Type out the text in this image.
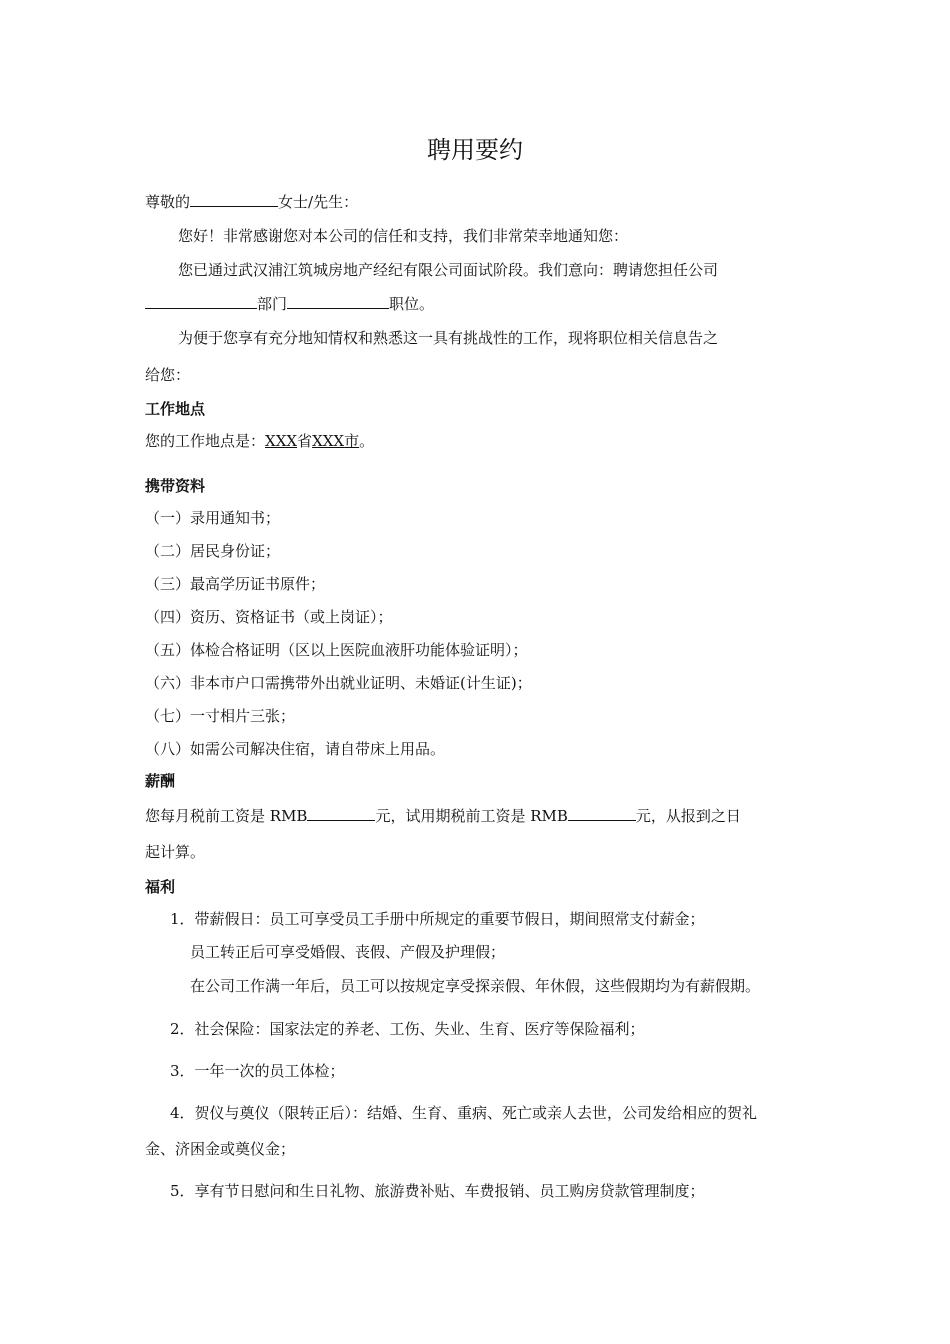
聘用要约
尊敬的	女士/先生：
您好！非常感谢您对本公司的信任和支持，我们非常荣幸地通知您：
您已通过武汉浦江筑城房地产经纪有限公司面试阶段。我们意向：聘请您担任公司
部门	职位。
为便于您享有充分地知情权和熟悉这一具有挑战性的工作，现将职位相关信息告之
给您：
工作地点
您的工作地点是：XXX省XXX市。
携带资料
（一）录用通知书；
（二）居民身份证；
（三）最高学历证书原件；
（四）资历、资格证书（或上岗证）；
（五）体检合格证明（区以上医院血液肝功能体验证明）；
（六）非本市户口需携带外出就业证明、未婚证(计生证)；
（七）一寸相片三张；
（八）如需公司解决住宿，请自带床上用品。
薪酬
您每月税前工资是 RMB	元，试用期税前工资是 RMB	元，从报到之日
起计算。
福利
1．带薪假日：员工可享受员工手册中所规定的重要节假日，期间照常支付薪金；
员工转正后可享受婚假、丧假、产假及护理假；
在公司工作满一年后，员工可以按规定享受探亲假、年休假，这些假期均为有薪假期。
2．社会保险：国家法定的养老、工伤、失业、生育、医疗等保险福利；
3．一年一次的员工体检；
4．贺仪与奠仪（限转正后）：结婚、生育、重病、死亡或亲人去世，公司发给相应的贺礼
金、济困金或奠仪金；
5．享有节日慰问和生日礼物、旅游费补贴、车费报销、员工购房贷款管理制度；
